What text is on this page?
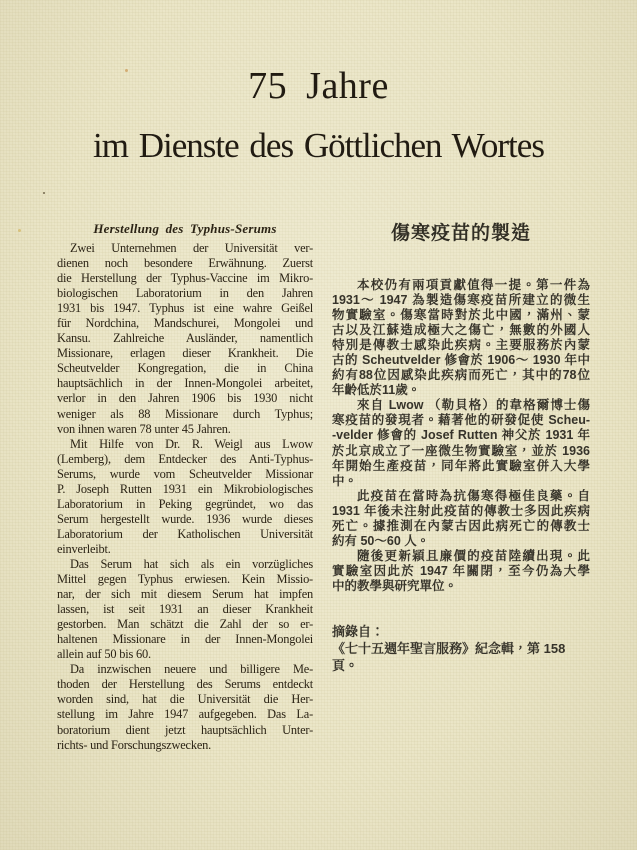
75 Jahre
im Dienste des Göttlichen Wortes
Herstellung des Typhus-Serums
Zwei Unternehmen der Universität ver-
dienen noch besondere Erwähnung. Zuerst
die Herstellung der Typhus-Vaccine im Mikro-
biologischen Laboratorium in den Jahren
1931 bis 1947. Typhus ist eine wahre Geißel
für Nordchina, Mandschurei, Mongolei und
Kansu. Zahlreiche Ausländer, namentlich
Missionare, erlagen dieser Krankheit. Die
Scheutvelder Kongregation, die in China
hauptsächlich in der Innen-Mongolei arbeitet,
verlor in den Jahren 1906 bis 1930 nicht
weniger als 88 Missionare durch Typhus;
von ihnen waren 78 unter 45 Jahren.
Mit Hilfe von Dr. R. Weigl aus Lwow
(Lemberg), dem Entdecker des Anti-Typhus-
Serums, wurde vom Scheutvelder Missionar
P. Joseph Rutten 1931 ein Mikrobiologisches
Laboratorium in Peking gegründet, wo das
Serum hergestellt wurde. 1936 wurde dieses
Laboratorium der Katholischen Universität
einverleibt.
Das Serum hat sich als ein vorzügliches
Mittel gegen Typhus erwiesen. Kein Missio-
nar, der sich mit diesem Serum hat impfen
lassen, ist seit 1931 an dieser Krankheit
gestorben. Man schätzt die Zahl der so er-
haltenen Missionare in der Innen-Mongolei
allein auf 50 bis 60.
Da inzwischen neuere und billigere Me-
thoden der Herstellung des Serums entdeckt
worden sind, hat die Universität die Her-
stellung im Jahre 1947 aufgegeben. Das La-
boratorium dient jetzt hauptsächlich Unter-
richts- und Forschungszwecken.
傷寒疫苗的製造
本校仍有兩項貢獻值得一提。第一件為
1931～ 1947 為製造傷寒疫苗所建立的微生
物實驗室。傷寒當時對於北中國，滿州、蒙
古以及江蘇造成極大之傷亡，無數的外國人
特別是傳教士感染此疾病。主要服務於內蒙
古的 Scheutvelder 修會於 1906～ 1930 年中
約有88位因感染此疾病而死亡，其中的78位
年齡低於11歲。
來自 Lwow （勒貝格）的韋格爾博士傷
寒疫苗的發現者。藉著他的研發促使 Scheu-
-velder 修會的 Josef Rutten 神父於 1931 年
於北京成立了一座微生物實驗室，並於 1936
年開始生產疫苗，同年將此實驗室併入大學
中。
此疫苗在當時為抗傷寒得極佳良藥。自
1931 年後未注射此疫苗的傳教士多因此疾病
死亡。據推測在內蒙古因此病死亡的傳教士
約有 50～60 人。
隨後更新穎且廉價的疫苗陸續出現。此
實驗室因此於 1947 年關閉，至今仍為大學
中的教學與研究單位。
摘錄自：
《七十五週年聖言服務》紀念輯，第 158頁。
